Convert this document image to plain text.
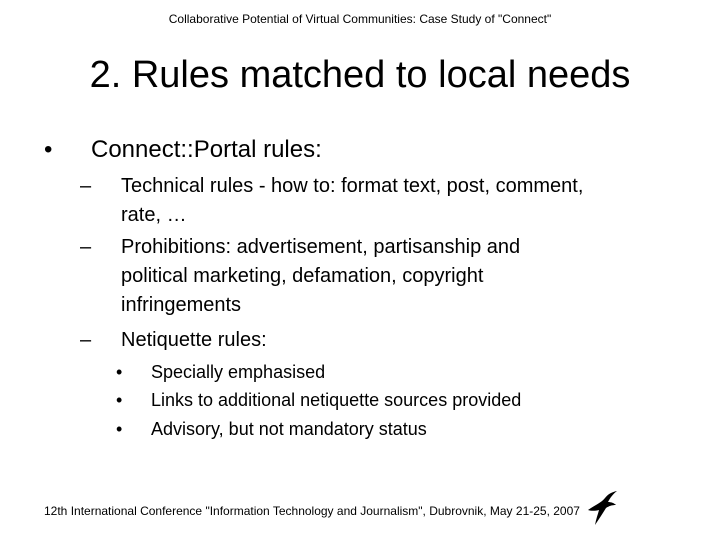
Collaborative Potential of Virtual Communities: Case Study of "Connect"
2. Rules matched to local needs
• Connect::Portal rules:
– Technical rules - how to: format text, post, comment,
rate, …
– Prohibitions: advertisement, partisanship and
political marketing, defamation, copyright
infringements
– Netiquette rules:
• Specially emphasised
• Links to additional netiquette sources provided
• Advisory, but not mandatory status
12th International Conference "Information Technology and Journalism", Dubrovnik, May 21-25, 2007
